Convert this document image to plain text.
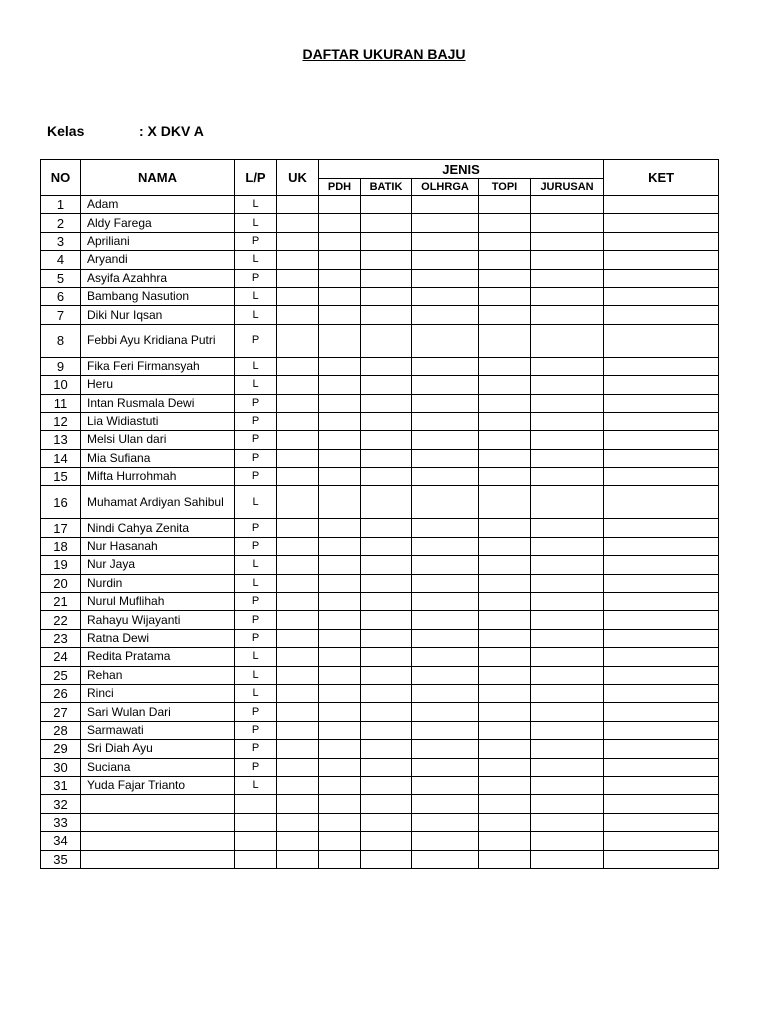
DAFTAR UKURAN BAJU
Kelas	: X DKV A
NO	NAMA	L/P	UK	JENIS					KET
				PDH	BATIK	OLHRGA	TOPI	JURUSAN	
1	Adam	L							
2	Aldy Farega	L							
3	Apriliani	P							
4	Aryandi	L							
5	Asyifa Azahhra	P							
6	Bambang Nasution	L							
7	Diki Nur Iqsan	L							
8	Febbi Ayu Kridiana Putri	P							
9	Fika Feri Firmansyah	L							
10	Heru	L							
11	Intan Rusmala Dewi	P							
12	Lia Widiastuti	P							
13	Melsi Ulan dari	P							
14	Mia Sufiana	P							
15	Mifta Hurrohmah	P							
16	Muhamat Ardiyan Sahibul	L							
17	Nindi Cahya Zenita	P							
18	Nur Hasanah	P							
19	Nur Jaya	L							
20	Nurdin	L							
21	Nurul Muflihah	P							
22	Rahayu Wijayanti	P							
23	Ratna Dewi	P							
24	Redita Pratama	L							
25	Rehan	L							
26	Rinci	L							
27	Sari Wulan Dari	P							
28	Sarmawati	P							
29	Sri Diah Ayu	P							
30	Suciana	P							
31	Yuda Fajar Trianto	L							
32									
33									
34									
35									
